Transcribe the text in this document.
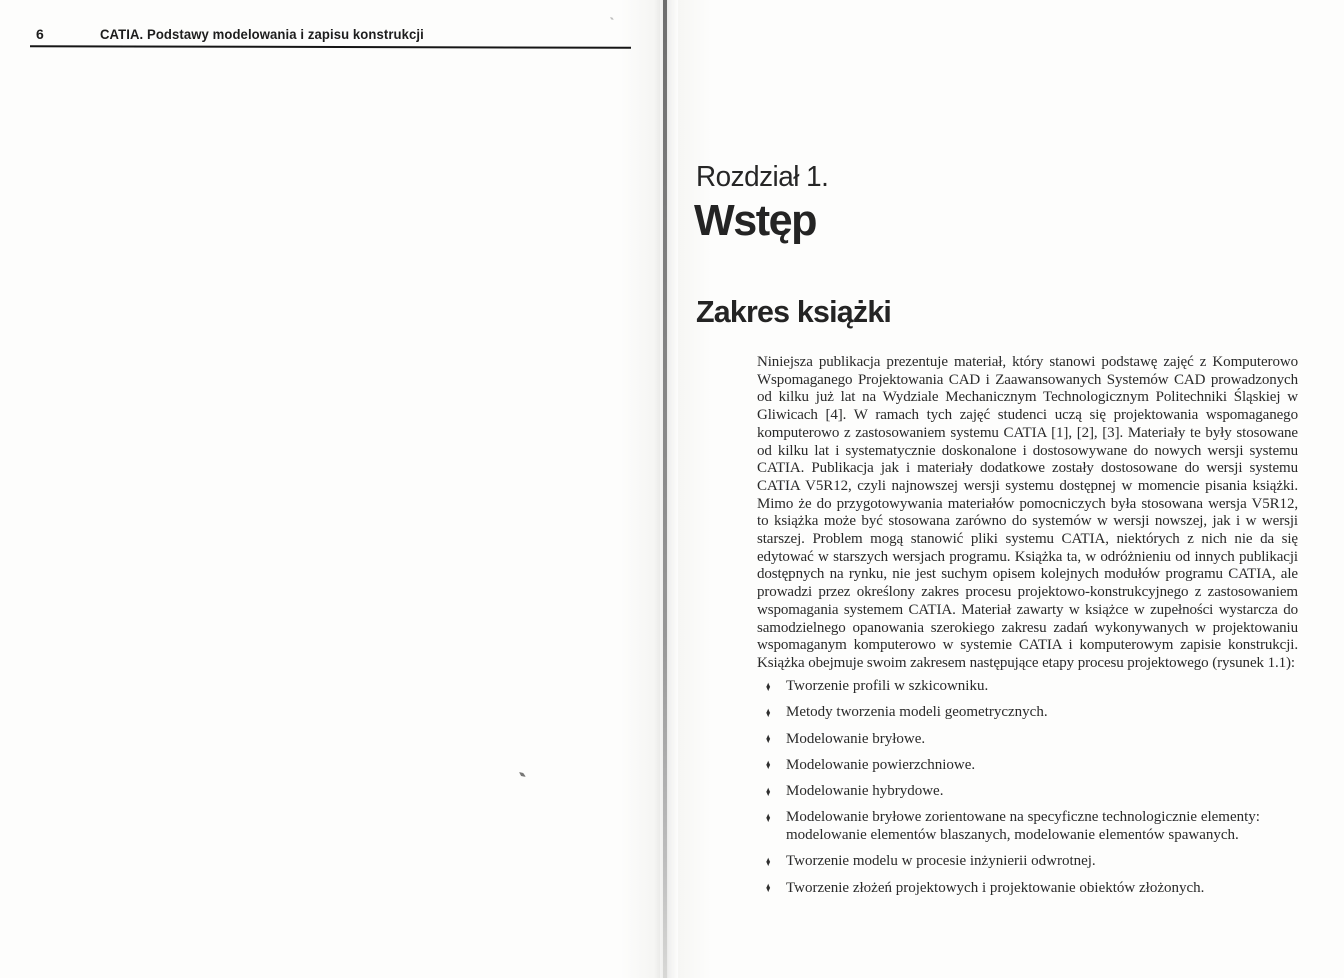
6	CATIA. Podstawy modelowania i zapisu konstrukcji
Rozdział 1.
Wstęp
Zakres książki
Niniejsza publikacja prezentuje materiał, który stanowi podstawę zajęć z Komputerowo Wspomaganego Projektowania CAD i Zaawansowanych Systemów CAD prowadzonych od kilku już lat na Wydziale Mechanicznym Technologicznym Politechniki Śląskiej w Gliwicach [4]. W ramach tych zajęć studenci uczą się projektowania wspomaganego komputerowo z zastosowaniem systemu CATIA [1], [2], [3]. Materiały te były stosowane od kilku lat i systematycznie doskonalone i dostosowywane do nowych wersji systemu CATIA. Publikacja jak i materiały dodatkowe zostały dostosowane do wersji systemu CATIA V5R12, czyli najnowszej wersji systemu dostępnej w momencie pisania książki. Mimo że do przygotowywania materiałów pomocniczych była stosowana wersja V5R12, to książka może być stosowana zarówno do systemów w wersji nowszej, jak i w wersji starszej. Problem mogą stanowić pliki systemu CATIA, niektórych z nich nie da się edytować w starszych wersjach programu. Książka ta, w odróżnieniu od innych publikacji dostępnych na rynku, nie jest suchym opisem kolejnych modułów programu CATIA, ale prowadzi przez określony zakres procesu projektowo-konstrukcyjnego z zastosowaniem wspomagania systemem CATIA. Materiał zawarty w książce w zupełności wystarcza do samodzielnego opanowania szerokiego zakresu zadań wykonywanych w projektowaniu wspomaganym komputerowo w systemie CATIA i komputerowym zapisie konstrukcji. Książka obejmuje swoim zakresem następujące etapy procesu projektowego (rysunek 1.1):
♦ Tworzenie profili w szkicowniku.
♦ Metody tworzenia modeli geometrycznych.
♦ Modelowanie bryłowe.
♦ Modelowanie powierzchniowe.
♦ Modelowanie hybrydowe.
♦ Modelowanie bryłowe zorientowane na specyficzne technologicznie elementy: modelowanie elementów blaszanych, modelowanie elementów spawanych.
♦ Tworzenie modelu w procesie inżynierii odwrotnej.
♦ Tworzenie złożeń projektowych i projektowanie obiektów złożonych.
